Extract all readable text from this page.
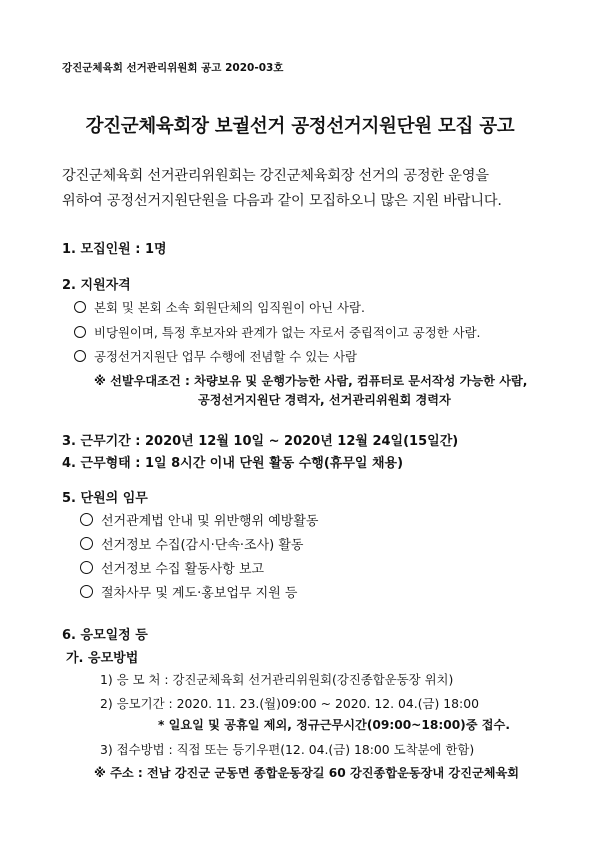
강진군체육회 선거관리위원회 공고 2020-03호
강진군체육회장 보궐선거 공정선거지원단원 모집 공고
강진군체육회 선거관리위원회는 강진군체육회장 선거의 공정한 운영을
위하여 공정선거지원단원을 다음과 같이 모집하오니 많은 지원 바랍니다.
1. 모집인원 : 1명
2. 지원자격
본회 및 본회 소속 회원단체의 임직원이 아닌 사람.
비당원이며, 특정 후보자와 관계가 없는 자로서 중립적이고 공정한 사람.
공정선거지원단 업무 수행에 전념할 수 있는 사람
※ 선발우대조건 : 차량보유 및 운행가능한 사람, 컴퓨터로 문서작성 가능한 사람,
공정선거지원단 경력자, 선거관리위원회 경력자
3. 근무기간 : 2020년 12월 10일 ~ 2020년 12월 24일(15일간)
4. 근무형태 : 1일 8시간 이내 단원 활동 수행(휴무일 채용)
5. 단원의 임무
선거관계법 안내 및 위반행위 예방활동
선거정보 수집(감시·단속·조사) 활동
선거정보 수집 활동사항 보고
절차사무 및 계도·홍보업무 지원 등
6. 응모일정 등
가. 응모방법
1) 응 모 처 : 강진군체육회 선거관리위원회(강진종합운동장 위치)
2) 응모기간 : 2020. 11. 23.(월)09:00 ~ 2020. 12. 04.(금) 18:00
* 일요일 및 공휴일 제외, 정규근무시간(09:00~18:00)중 접수.
3) 접수방법 : 직접 또는 등기우편(12. 04.(금) 18:00 도착분에 한함)
※ 주소 : 전남 강진군 군동면 종합운동장길 60 강진종합운동장내 강진군체육회
